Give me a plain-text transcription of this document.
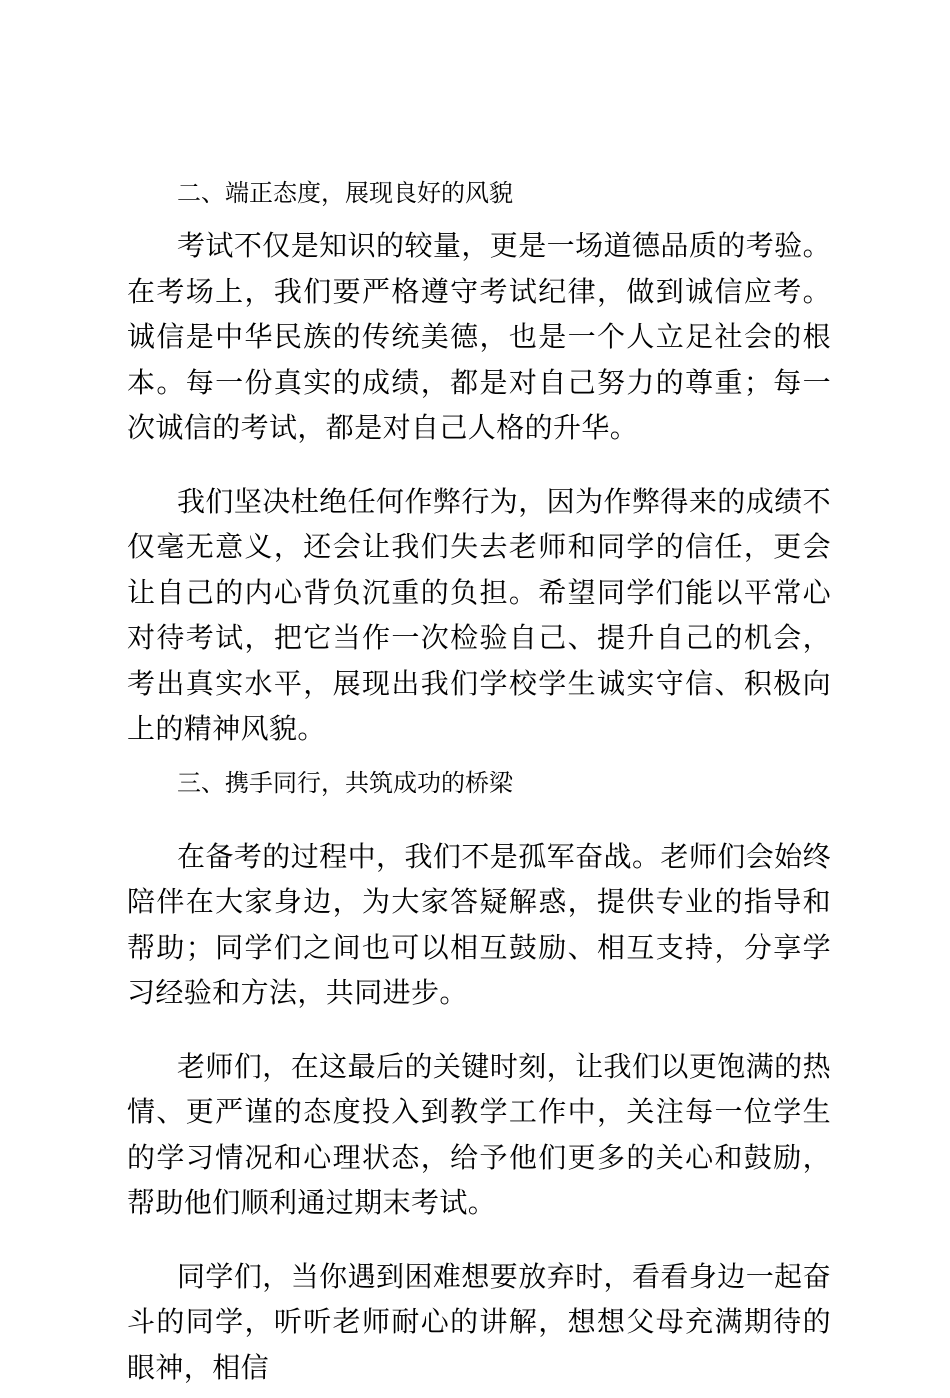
二、端正态度，展现良好的风貌

考试不仅是知识的较量，更是一场道德品质的考验。在考场上，我们要严格遵守考试纪律，做到诚信应考。诚信是中华民族的传统美德，也是一个人立足社会的根本。每一份真实的成绩，都是对自己努力的尊重；每一次诚信的考试，都是对自己人格的升华。

我们坚决杜绝任何作弊行为，因为作弊得来的成绩不仅毫无意义，还会让我们失去老师和同学的信任，更会让自己的内心背负沉重的负担。希望同学们能以平常心对待考试，把它当作一次检验自己、提升自己的机会，考出真实水平，展现出我们学校学生诚实守信、积极向上的精神风貌。

三、携手同行，共筑成功的桥梁

在备考的过程中，我们不是孤军奋战。老师们会始终陪伴在大家身边，为大家答疑解惑，提供专业的指导和帮助；同学们之间也可以相互鼓励、相互支持，分享学习经验和方法，共同进步。

老师们，在这最后的关键时刻，让我们以更饱满的热情、更严谨的态度投入到教学工作中，关注每一位学生的学习情况和心理状态，给予他们更多的关心和鼓励，帮助他们顺利通过期末考试。

同学们，当你遇到困难想要放弃时，看看身边一起奋斗的同学，听听老师耐心的讲解，想想父母充满期待的眼神，相信
